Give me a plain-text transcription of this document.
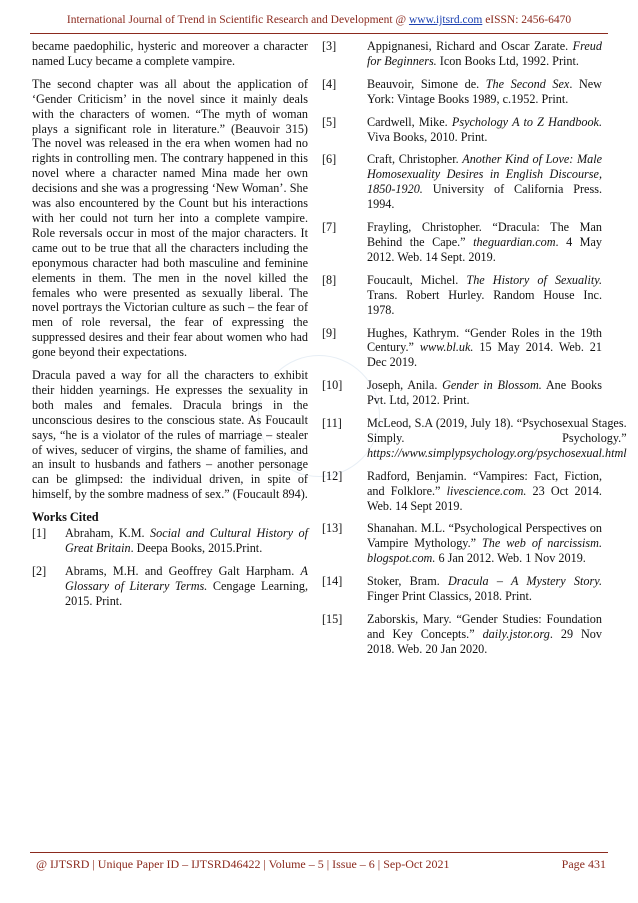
International Journal of Trend in Scientific Research and Development @ www.ijtsrd.com eISSN: 2456-6470

became paedophilic, hysteric and moreover a character named Lucy became a complete vampire.

The second chapter was all about the application of ‘Gender Criticism’ in the novel since it mainly deals with the characters of women. “The myth of woman plays a significant role in literature.” (Beauvoir 315) The novel was released in the era when women had no rights in controlling men. The contrary happened in this novel where a character named Mina made her own decisions and she was a progressing ‘New Woman’. She was also encountered by the Count but his interactions with her could not turn her into a complete vampire. Role reversals occur in most of the major characters. It came out to be true that all the characters including the eponymous character had both masculine and feminine elements in them. The men in the novel killed the females who were presented as sexually liberal. The novel portrays the Victorian culture as such – the fear of men of role reversal, the fear of expressing the suppressed desires and their fear about women who had gone beyond their expectations.

Dracula paved a way for all the characters to exhibit their hidden yearnings. He expresses the sexuality in both males and females. Dracula brings in the unconscious desires to the conscious state. As Foucault says, “he is a violator of the rules of marriage – stealer of wives, seducer of virgins, the shame of families, and an insult to husbands and fathers – another personage can be glimpsed: the individual driven, in spite of himself, by the sombre madness of sex.” (Foucault 894).

Works Cited
[1]	Abraham, K.M. Social and Cultural History of Great Britain. Deepa Books, 2015.Print.
[2]	Abrams, M.H. and Geoffrey Galt Harpham. A Glossary of Literary Terms. Cengage Learning, 2015. Print.
[3]	Appignanesi, Richard and Oscar Zarate. Freud for Beginners. Icon Books Ltd, 1992. Print.
[4]	Beauvoir, Simone de. The Second Sex. New York: Vintage Books 1989, c.1952. Print.
[5]	Cardwell, Mike. Psychology A to Z Handbook. Viva Books, 2010. Print.
[6]	Craft, Christopher. Another Kind of Love: Male Homosexuality Desires in English Discourse, 1850-1920. University of California Press. 1994.
[7]	Frayling, Christopher. “Dracula: The Man Behind the Cape.” theguardian.com. 4 May 2012. Web. 14 Sept. 2019.
[8]	Foucault, Michel. The History of Sexuality. Trans. Robert Hurley. Random House Inc. 1978.
[9]	Hughes, Kathrym. “Gender Roles in the 19th Century.” www.bl.uk. 15 May 2014. Web. 21 Dec 2019.
[10]	Joseph, Anila. Gender in Blossom. Ane Books Pvt. Ltd, 2012. Print.
[11]	McLeod, S.A (2019, July 18). “Psychosexual Stages. Simply. Psychology.” https://www.simplypsychology.org/psychosexual.html
[12]	Radford, Benjamin. “Vampires: Fact, Fiction, and Folklore.” livescience.com. 23 Oct 2014. Web. 14 Sept 2019.
[13]	Shanahan. M.L. “Psychological Perspectives on Vampire Mythology.” The web of narcissism. blogspot.com. 6 Jan 2012. Web. 1 Nov 2019.
[14]	Stoker, Bram. Dracula – A Mystery Story. Finger Print Classics, 2018. Print.
[15]	Zaborskis, Mary. “Gender Studies: Foundation and Key Concepts.” daily.jstor.org. 29 Nov 2018. Web. 20 Jan 2020.
@ IJTSRD | Unique Paper ID – IJTSRD46422 | Volume – 5 | Issue – 6 | Sep-Oct 2021	Page 431
